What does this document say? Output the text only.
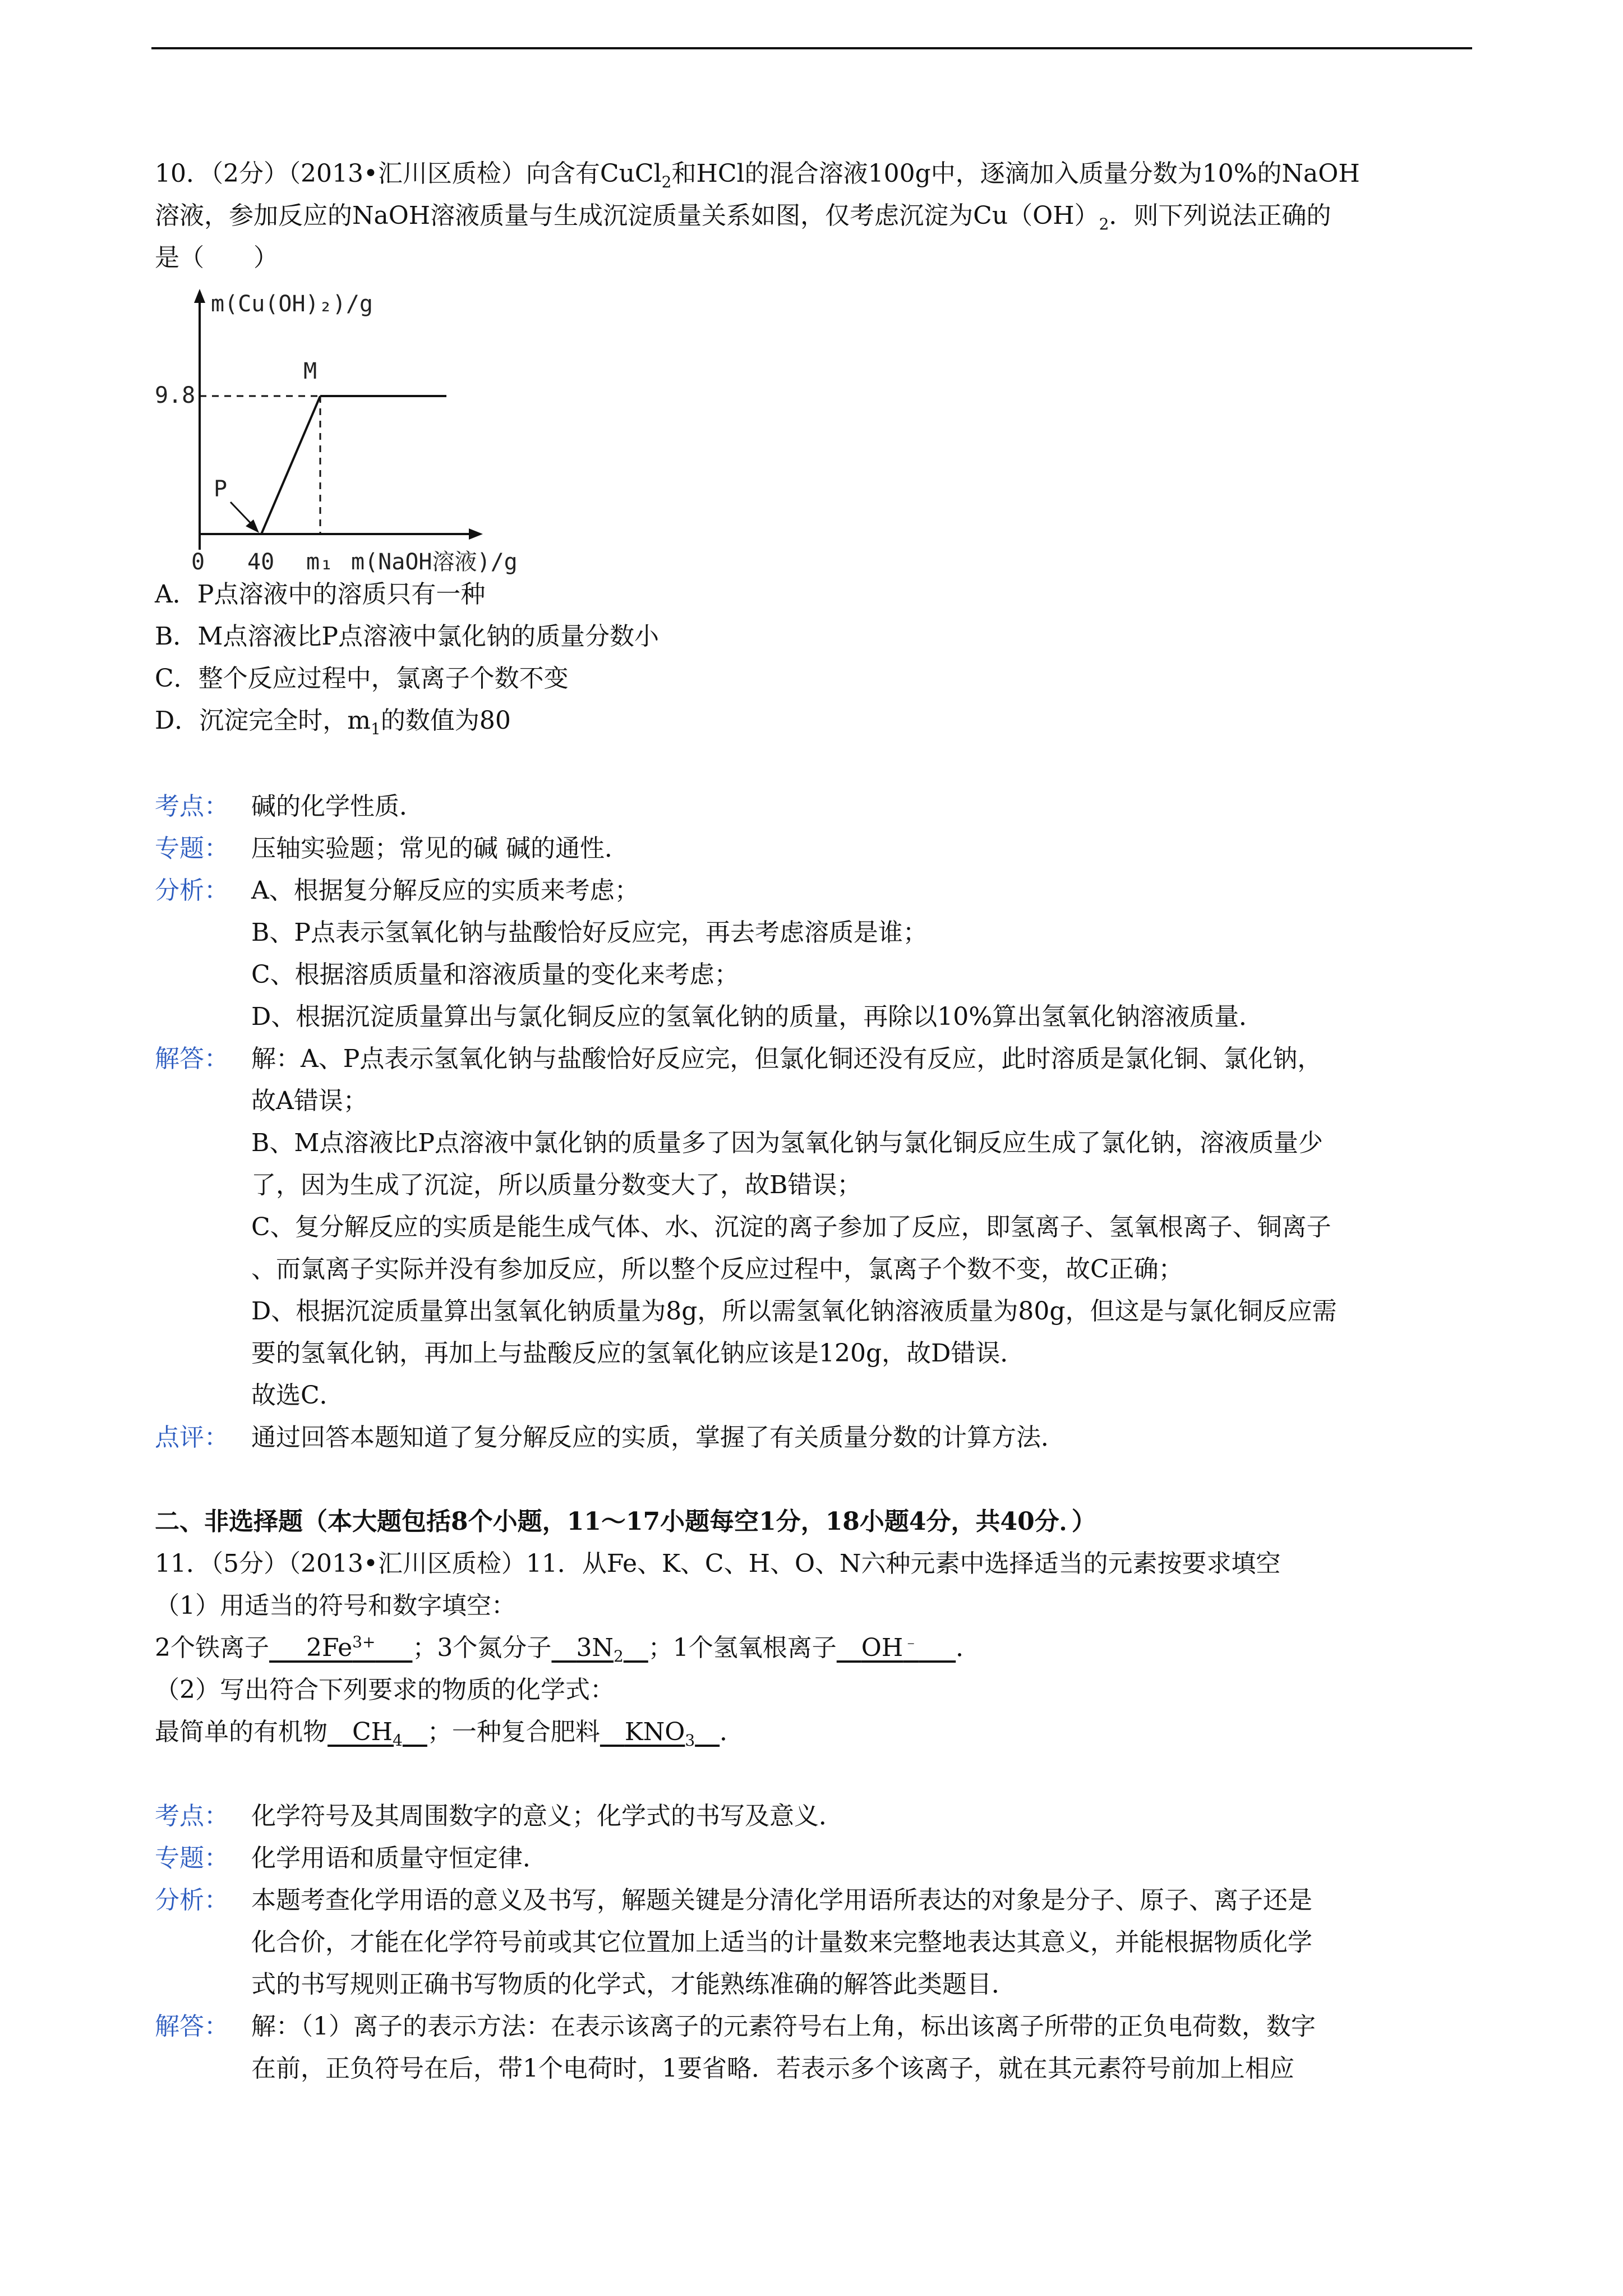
10．（2分）（2013•汇川区质检）向含有CuCl$_2$和HCl的混合溶液100g中，逐滴加入质量分数为10%的NaOH
溶液，参加反应的NaOH溶液质量与生成沉淀质量关系如图，仅考虑沉淀为$Cu(OH)_2$．则下列说法正确的
是（　　）
m(Cu(OH)₂)/g
9.8
M
P
0 40 m₁ m(NaOH溶液)/g
A．P点溶液中的溶质只有一种
B．M点溶液比P点溶液中氯化钠的质量分数小
C．整个反应过程中，氯离子个数不变
D．沉淀完全时，$m_1$的数值为80
考点： 碱的化学性质．
专题： 压轴实验题；常见的碱 碱的通性．
分析： A、根据复分解反应的实质来考虑；
B、P点表示氢氧化钠与盐酸恰好反应完，再去考虑溶质是谁；
C、根据溶质质量和溶液质量的变化来考虑；
D、根据沉淀质量算出与氯化铜反应的氢氧化钠的质量，再除以10%算出氢氧化钠溶液质量．
解答： 解：A、P点表示氢氧化钠与盐酸恰好反应完，但氯化铜还没有反应，此时溶质是氯化铜、氯化钠，
故A错误；
B、M点溶液比P点溶液中氯化钠的质量多了因为氢氧化钠与氯化铜反应生成了氯化钠，溶液质量少
了，因为生成了沉淀，所以质量分数变大了，故B错误；
C、复分解反应的实质是能生成气体、水、沉淀的离子参加了反应，即氢离子、氢氧根离子、铜离子
、而氯离子实际并没有参加反应，所以整个反应过程中，氯离子个数不变，故C正确；
D、根据沉淀质量算出氢氧化钠质量为8g，所以需氢氧化钠溶液质量为80g，但这是与氯化铜反应需
要的氢氧化钠，再加上与盐酸反应的氢氧化钠应该是120g，故D错误．
故选C．
点评： 通过回答本题知道了复分解反应的实质，掌握了有关质量分数的计算方法．
二、非选择题（本大题包括8个小题，11～17小题每空1分，18小题4分，共40分．）
11．（5分）（2013•汇川区质检）11．从Fe、K、C、H、O、N六种元素中选择适当的元素按要求填空
（1）用适当的符号和数字填空：
2个铁离子   $2Fe^{3+}$   ；3个氮分子  $3N_2$  ；1个氢氧根离子  OH﹣   ．
（2）写出符合下列要求的物质的化学式：
最简单的有机物  $CH_4$  ；一种复合肥料  $KNO_3$  ．
考点： 化学符号及其周围数字的意义；化学式的书写及意义．
专题： 化学用语和质量守恒定律．
分析： 本题考查化学用语的意义及书写，解题关键是分清化学用语所表达的对象是分子、原子、离子还是
化合价，才能在化学符号前或其它位置加上适当的计量数来完整地表达其意义，并能根据物质化学
式的书写规则正确书写物质的化学式，才能熟练准确的解答此类题目．
解答： 解：（1）离子的表示方法：在表示该离子的元素符号右上角，标出该离子所带的正负电荷数，数字
在前，正负符号在后，带1个电荷时，1要省略．若表示多个该离子，就在其元素符号前加上相应
